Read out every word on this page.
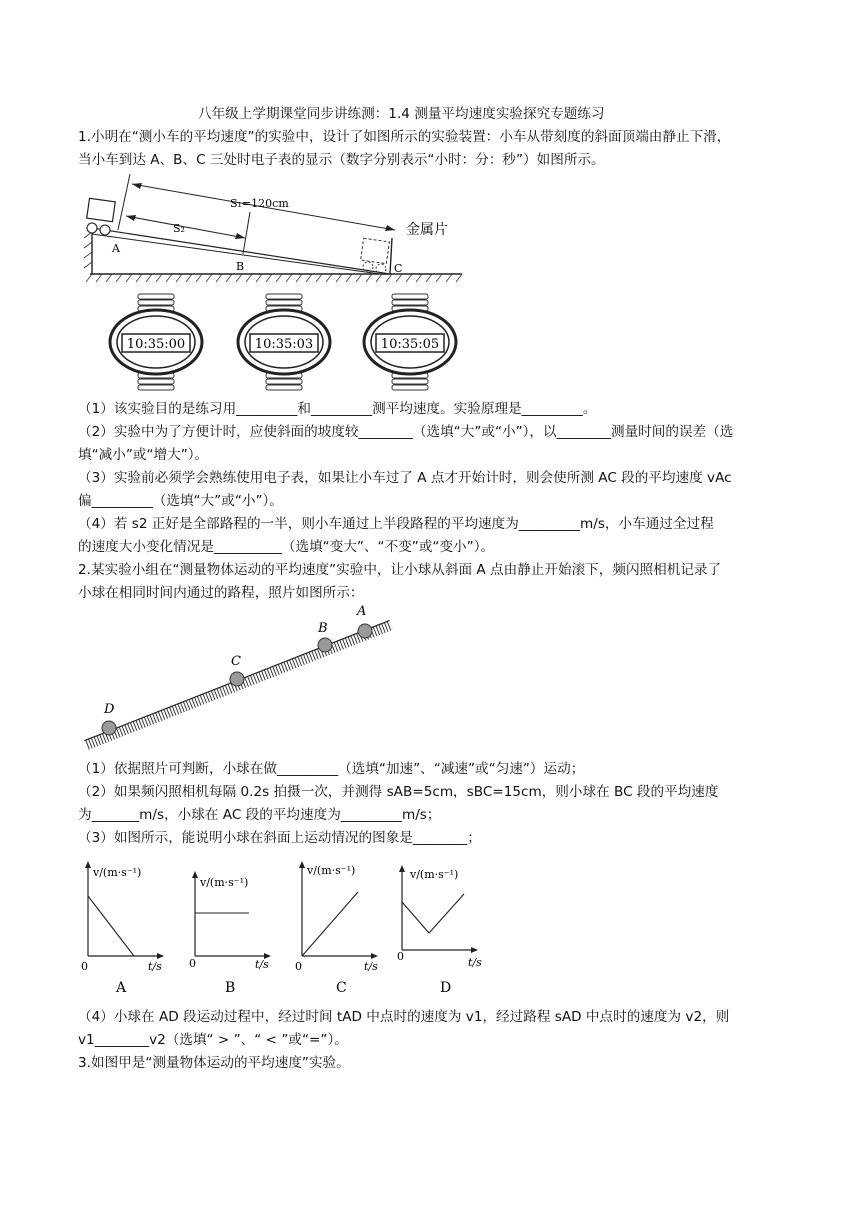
八年级上学期课堂同步讲练测：1.4 测量平均速度实验探究专题练习
1.小明在“测小车的平均速度”的实验中，设计了如图所示的实验装置：小车从带刻度的斜面顶端由静止下滑，
当小车到达 A、B、C 三处时电子表的显示（数字分别表示“小时：分：秒”）如图所示。
S₁=120cm
S₂	金属片
A
B	C
10:35:00	10:35:03	10:35:05
（1）该实验目的是练习用_________和_________测平均速度。实验原理是_________。
（2）实验中为了方便计时，应使斜面的坡度较________（选填“大”或“小”），以________测量时间的误差（选
填“减小”或“增大”）。
（3）实验前必须学会熟练使用电子表，如果让小车过了 A 点才开始计时，则会使所测 AC 段的平均速度 vAc
偏_________（选填“大”或“小”）。
（4）若 s2 正好是全部路程的一半，则小车通过上半段路程的平均速度为_________m/s，小车通过全过程
的速度大小变化情况是__________（选填“变大”、“不变”或“变小”）。
2.某实验小组在“测量物体运动的平均速度”实验中，让小球从斜面 A 点由静止开始滚下，频闪照相机记录了
小球在相同时间内通过的路程，照片如图所示：
D
C
B
A
（1）依据照片可判断，小球在做_________（选填“加速”、“减速”或“匀速”）运动；
（2）如果频闪照相机每隔 0.2s 拍摄一次，并测得 sAB=5cm，sBC=15cm，则小球在 BC 段的平均速度
为_______m/s，小球在 AC 段的平均速度为_________m/s；
（3）如图所示，能说明小球在斜面上运动情况的图象是________；
v/(m·s⁻¹)
0	t/s
A
v/(m·s⁻¹)
0	t/s
B
v/(m·s⁻¹)
0	t/s
C
v/(m·s⁻¹)
0	t/s
D
（4）小球在 AD 段运动过程中，经过时间 tAD 中点时的速度为 v1，经过路程 sAD 中点时的速度为 v2，则
v1________v2（选填“ > ”、“ < ”或“=”）。
3.如图甲是“测量物体运动的平均速度”实验。
